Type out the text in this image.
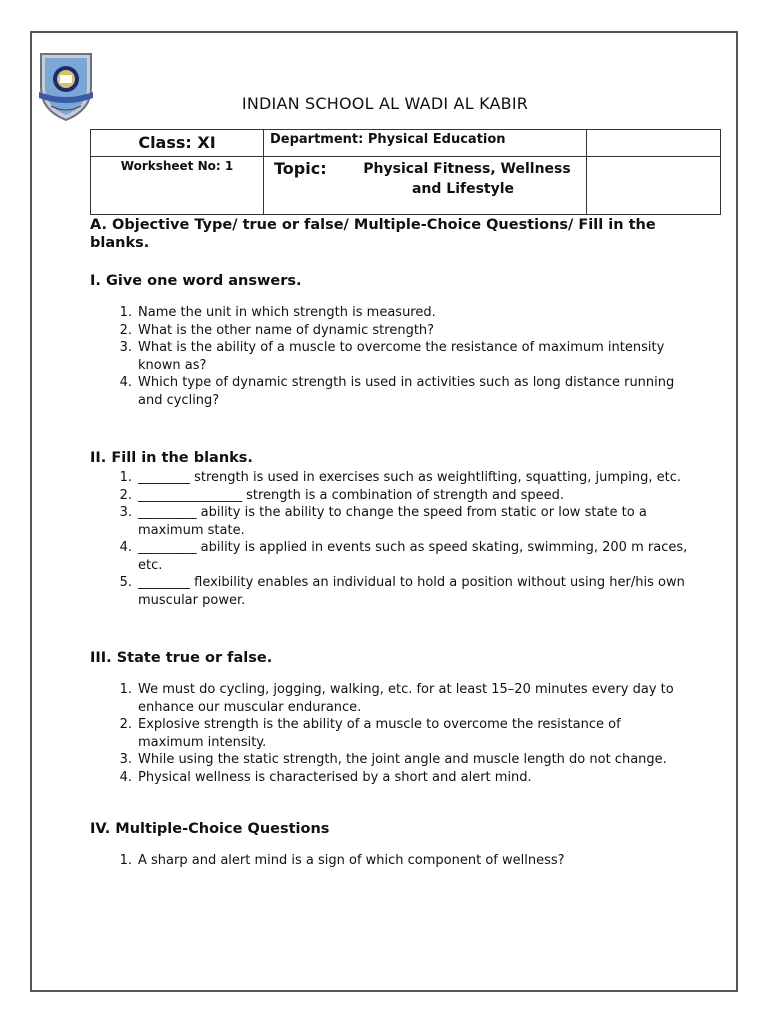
INDIAN SCHOOL AL WADI AL KABIR
Class: XI	Department: Physical Education	
Worksheet No: 1	Topic: Physical Fitness, Wellness
and Lifestyle	

A. Objective Type/ true or false/ Multiple-Choice Questions/ Fill in the blanks.
I. Give one word answers.
1. Name the unit in which strength is measured.
2. What is the other name of dynamic strength?
3. What is the ability of a muscle to overcome the resistance of maximum intensity known as?
4. Which type of dynamic strength is used in activities such as long distance running and cycling?
II. Fill in the blanks.
1. ________ strength is used in exercises such as weightlifting, squatting, jumping, etc.
2. ________________ strength is a combination of strength and speed.
3. _________ ability is the ability to change the speed from static or low state to a maximum state.
4. _________ ability is applied in events such as speed skating, swimming, 200 m races, etc.
5. ________ flexibility enables an individual to hold a position without using her/his own muscular power.
III. State true or false.
1. We must do cycling, jogging, walking, etc. for at least 15–20 minutes every day to enhance our muscular endurance.
2. Explosive strength is the ability of a muscle to overcome the resistance of maximum intensity.
3. While using the static strength, the joint angle and muscle length do not change.
4. Physical wellness is characterised by a short and alert mind.
IV. Multiple-Choice Questions
1. A sharp and alert mind is a sign of which component of wellness?
